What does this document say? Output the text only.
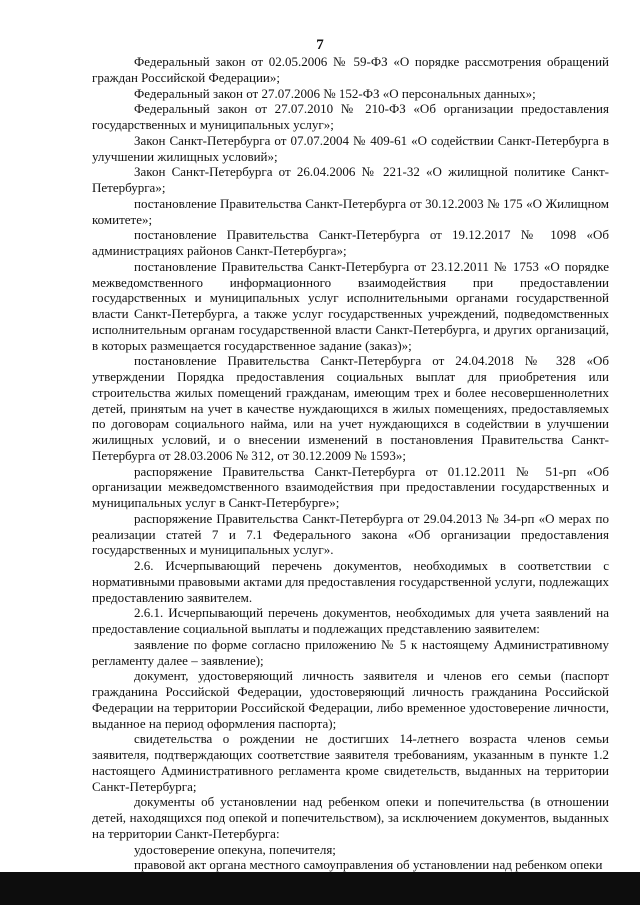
7

Федеральный закон от 02.05.2006 № 59-ФЗ «О порядке рассмотрения обращений граждан Российской Федерации»;

Федеральный закон от 27.07.2006 № 152-ФЗ «О персональных данных»;

Федеральный закон от 27.07.2010 № 210-ФЗ «Об организации предоставления государственных и муниципальных услуг»;

Закон Санкт-Петербурга от 07.07.2004 № 409-61 «О содействии Санкт-Петербурга в улучшении жилищных условий»;

Закон Санкт-Петербурга от 26.04.2006 № 221-32 «О жилищной политике Санкт-Петербурга»;

постановление Правительства Санкт-Петербурга от 30.12.2003 № 175 «О Жилищном комитете»;

постановление Правительства Санкт-Петербурга от 19.12.2017 № 1098 «Об администрациях районов Санкт-Петербурга»;

постановление Правительства Санкт-Петербурга от 23.12.2011 № 1753 «О порядке межведомственного информационного взаимодействия при предоставлении государственных и муниципальных услуг исполнительными органами государственной власти Санкт-Петербурга, а также услуг государственных учреждений, подведомственных исполнительным органам государственной власти Санкт-Петербурга, и других организаций, в которых размещается государственное задание (заказ)»;

постановление Правительства Санкт-Петербурга от 24.04.2018 № 328 «Об утверждении Порядка предоставления социальных выплат для приобретения или строительства жилых помещений гражданам, имеющим трех и более несовершеннолетних детей, принятым на учет в качестве нуждающихся в жилых помещениях, предоставляемых по договорам социального найма, или на учет нуждающихся в содействии в улучшении жилищных условий, и о внесении изменений в постановления Правительства Санкт-Петербурга от 28.03.2006 № 312, от 30.12.2009 № 1593»;

распоряжение Правительства Санкт-Петербурга от 01.12.2011 № 51-рп «Об организации межведомственного взаимодействия при предоставлении государственных и муниципальных услуг в Санкт-Петербурге»;

распоряжение Правительства Санкт-Петербурга от 29.04.2013 № 34-рп «О мерах по реализации статей 7 и 7.1 Федерального закона «Об организации предоставления государственных и муниципальных услуг».

2.6. Исчерпывающий перечень документов, необходимых в соответствии с нормативными правовыми актами для предоставления государственной услуги, подлежащих предоставлению заявителем.

2.6.1. Исчерпывающий перечень документов, необходимых для учета заявлений на предоставление социальной выплаты и подлежащих представлению заявителем:

заявление по форме согласно приложению № 5 к настоящему Административному регламенту далее – заявление);

документ, удостоверяющий личность заявителя и членов его семьи (паспорт гражданина Российской Федерации, удостоверяющий личность гражданина Российской Федерации на территории Российской Федерации, либо временное удостоверение личности, выданное на период оформления паспорта);

свидетельства о рождении не достигших 14-летнего возраста членов семьи заявителя, подтверждающих соответствие заявителя требованиям, указанным в пункте 1.2 настоящего Административного регламента кроме свидетельств, выданных на территории Санкт-Петербурга;

документы об установлении над ребенком опеки и попечительства (в отношении детей, находящихся под опекой и попечительством), за исключением документов, выданных на территории Санкт-Петербурга:

удостоверение опекуна, попечителя;

правовой акт органа местного самоуправления об установлении над ребенком опеки
